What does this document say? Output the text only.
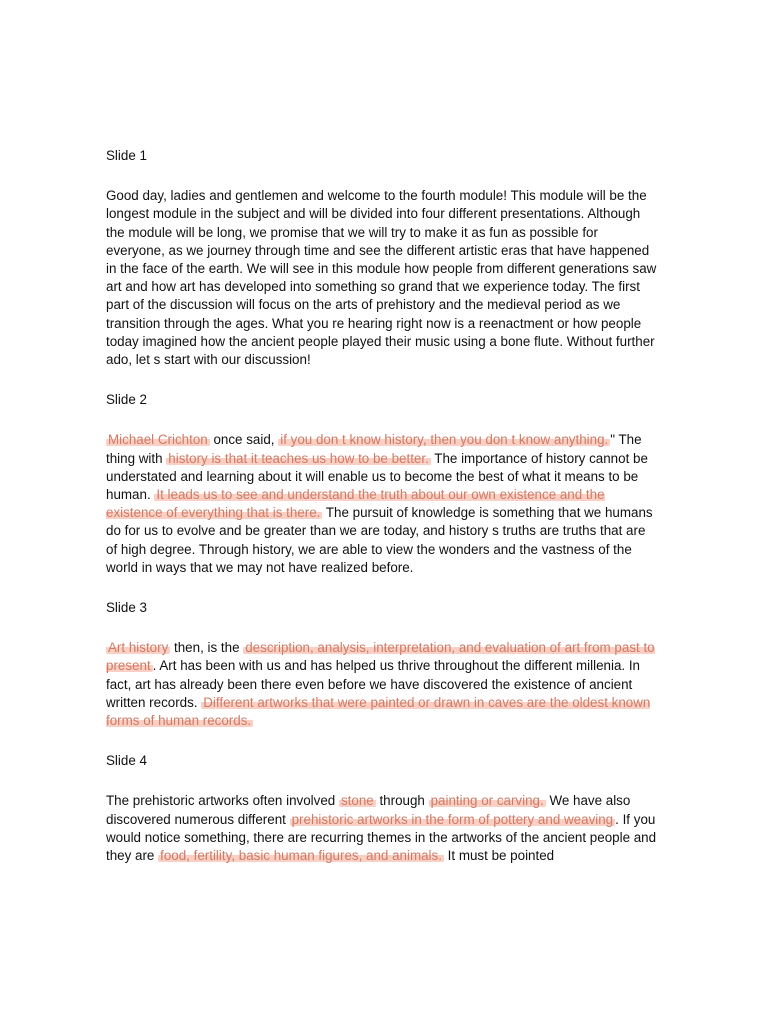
Slide 1

Good day, ladies and gentlemen and welcome to the fourth module! This module will be the longest module in the subject and will be divided into four different presentations. Although the module will be long, we promise that we will try to make it as fun as possible for everyone, as we journey through time and see the different artistic eras that have happened in the face of the earth. We will see in this module how people from different generations saw art and how art has developed into something so grand that we experience today. The first part of the discussion will focus on the arts of prehistory and the medieval period as we transition through the ages. What you re hearing right now is a reenactment or how people today imagined how the ancient people played their music using a bone flute. Without further ado, let s start with our discussion!

Slide 2

Michael Crichton once said, if you don t know history, then you don t know anything. " The thing with history is that it teaches us how to be better. The importance of history cannot be understated and learning about it will enable us to become the best of what it means to be human. It leads us to see and understand the truth about our own existence and the existence of everything that is there. The pursuit of knowledge is something that we humans do for us to evolve and be greater than we are today, and history s truths are truths that are of high degree. Through history, we are able to view the wonders and the vastness of the world in ways that we may not have realized before.

Slide 3

Art history then, is the description, analysis, interpretation, and evaluation of art from past to present . Art has been with us and has helped us thrive throughout the different millenia. In fact, art has already been there even before we have discovered the existence of ancient written records. Different artworks that were painted or drawn in caves are the oldest known forms of human records.

Slide 4

The prehistoric artworks often involved stone through painting or carving. We have also discovered numerous different prehistoric artworks in the form of pottery and weaving . If you would notice something, there are recurring themes in the artworks of the ancient people and they are food, fertility, basic human figures, and animals. It must be pointed
